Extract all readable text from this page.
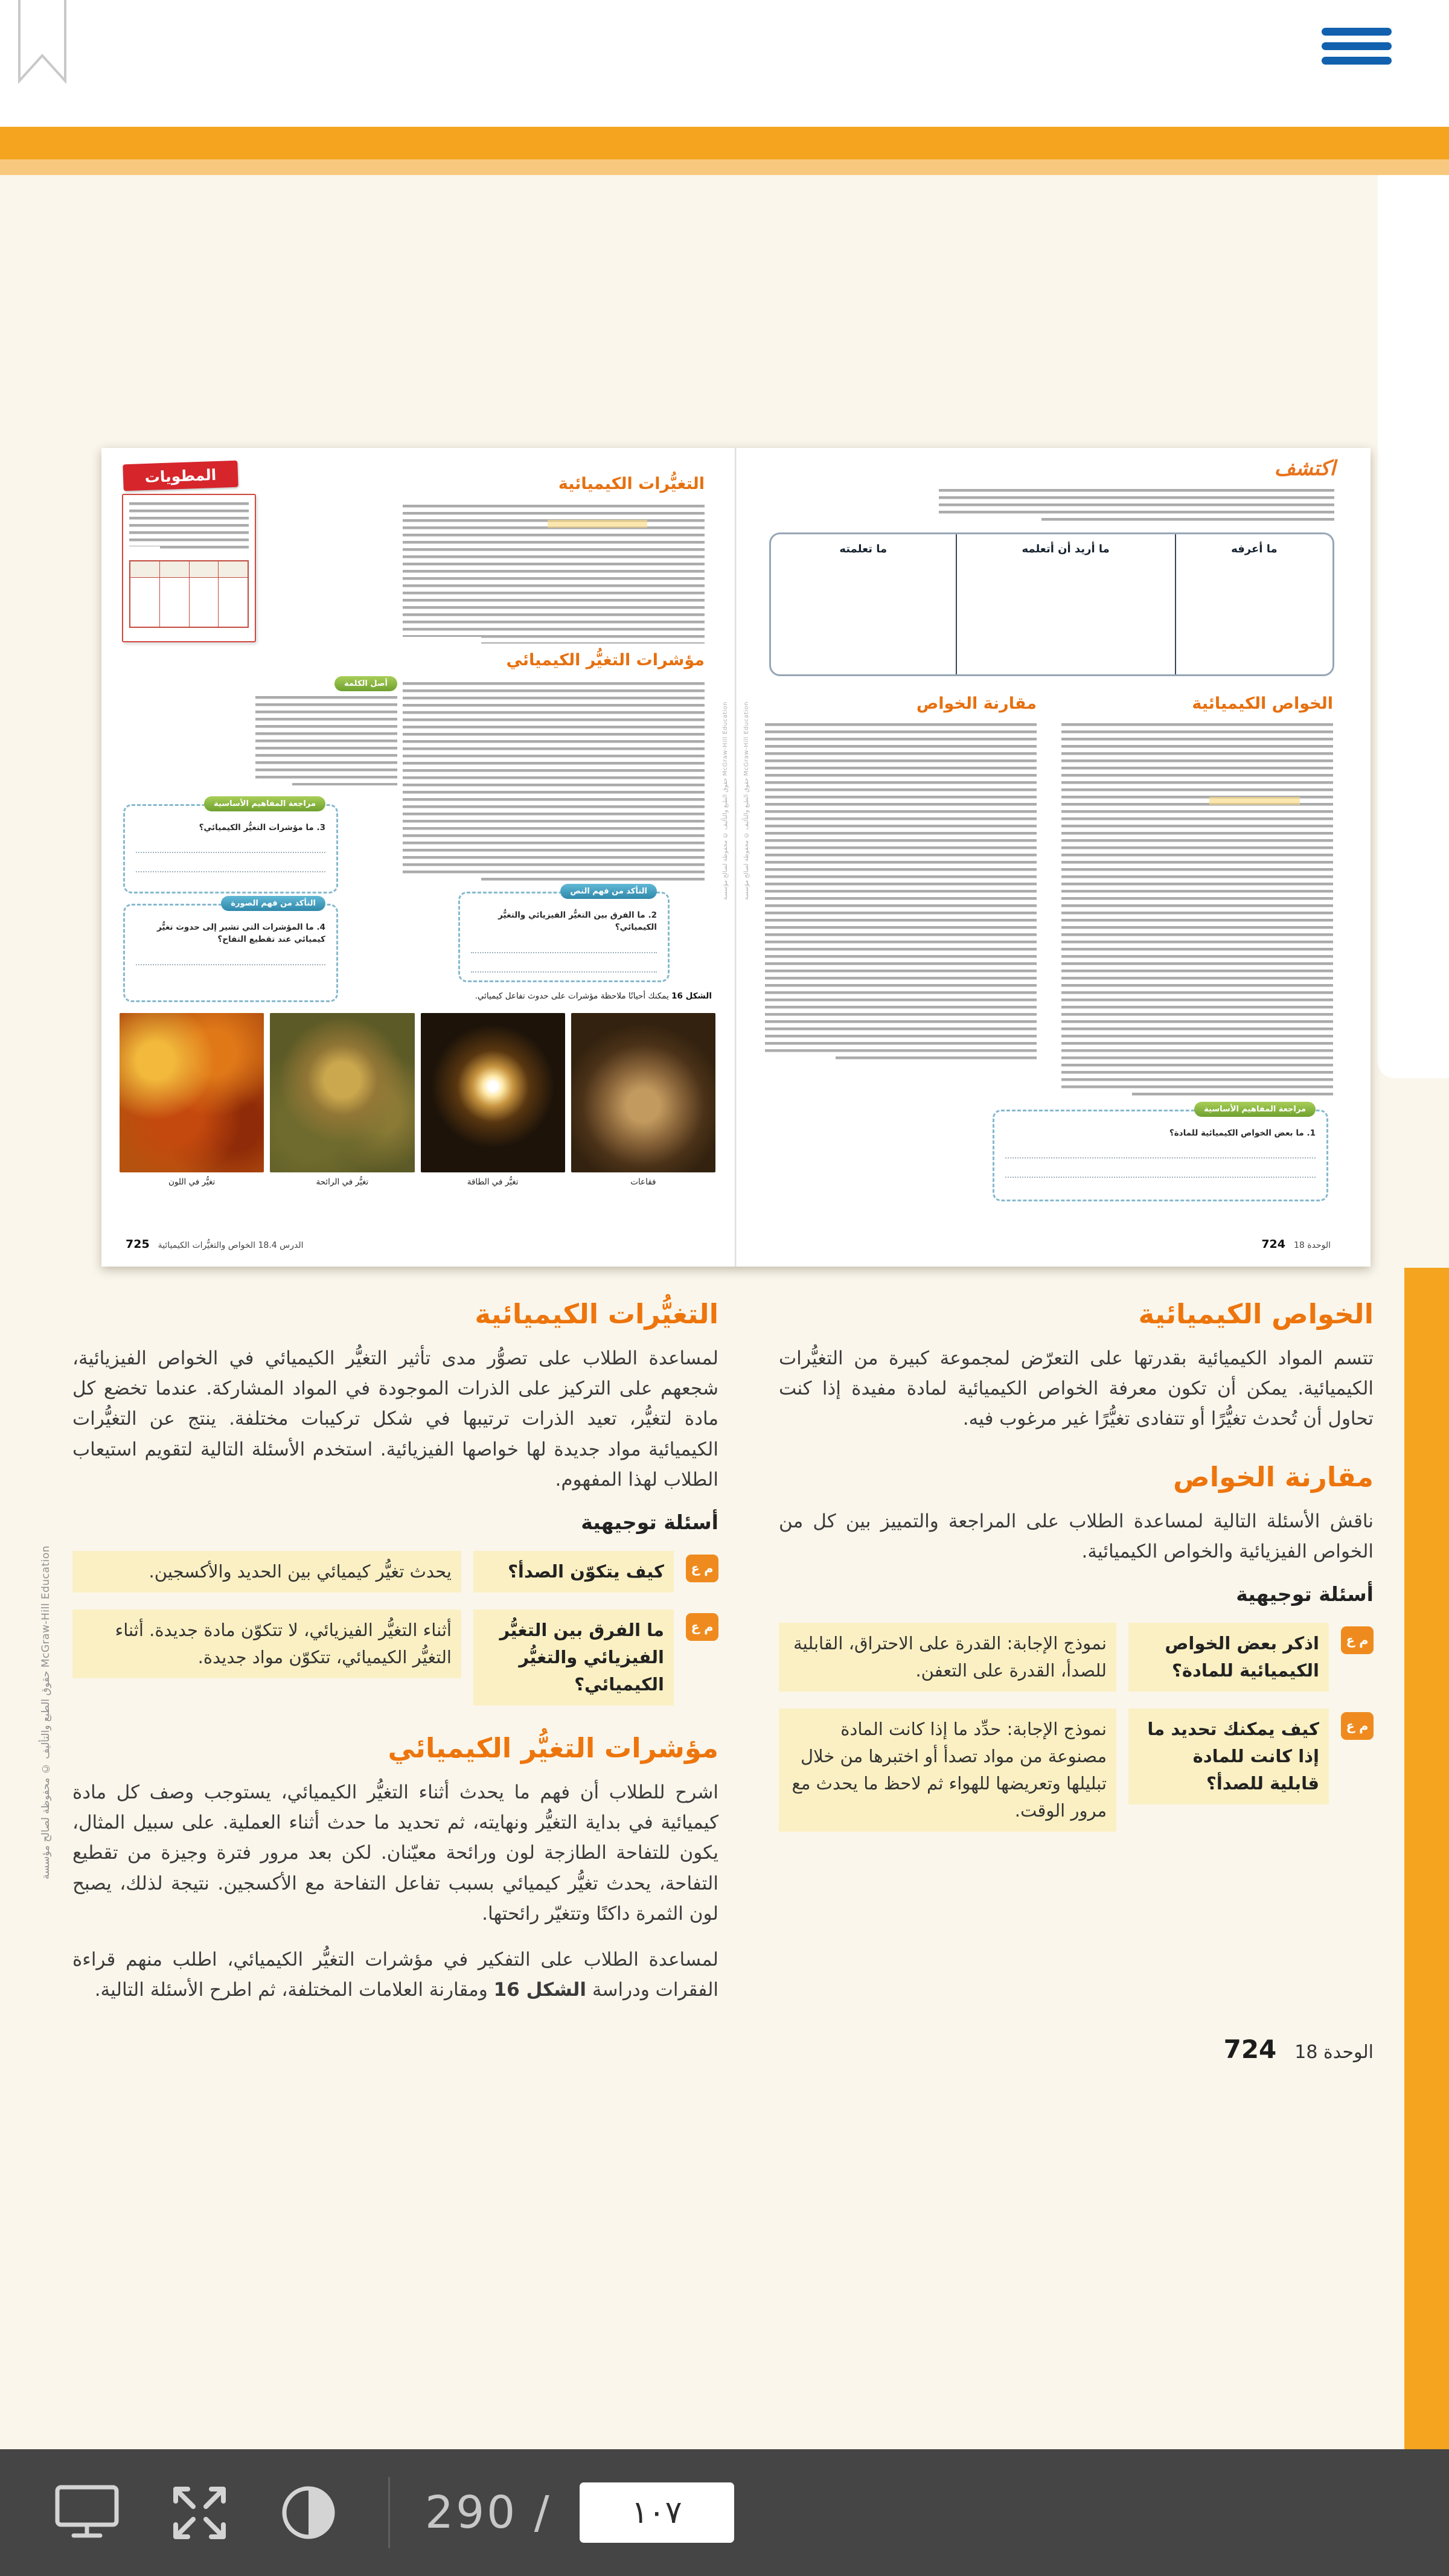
المطويات	التغيُّرات الكيميائية
مؤشرات التغيُّر الكيميائي
أصل الكلمة
مراجعة المفاهيم الأساسية
3. ما مؤشرات التغيُّر الكيميائي؟
التأكد من فهم الصورة
4. ما المؤشرات التي تشير إلى حدوث تغيُّر كيميائي عند تقطيع التفاح؟
التأكد من فهم النص
2. ما الفرق بين التغيُّر الفيزيائي والتغيُّر الكيميائي؟
الشكل 16 يمكنك أحيانًا ملاحظة مؤشرات على حدوث تفاعل كيميائي.
تغيُّر في اللون	تغيُّر في الرائحة	تغيُّر في الطاقة	فقاعات
الدرس 18.4 الخواص والتغيُّرات الكيميائية
725
حقوق الطبع والتأليف © محفوظة لصالح مؤسسة McGraw-Hill Education
اكتشف
ما أعرفه
ما أريد أن أتعلمه
ما تعلمته
الخواص الكيميائية
مقارنة الخواص
مراجعة المفاهيم الأساسية
1. ما بعض الخواص الكيميائية للمادة؟
الوحدة 18
724
حقوق الطبع والتأليف © محفوظة لصالح مؤسسة McGraw-Hill Education
الخواص الكيميائية

تتسم المواد الكيميائية بقدرتها على التعرّض لمجموعة كبيرة من التغيُّرات الكيميائية. يمكن أن تكون معرفة الخواص الكيميائية لمادة مفيدة إذا كنت تحاول أن تُحدث تغيُّرًا أو تتفادى تغيُّرًا غير مرغوب فيه.

مقارنة الخواص

ناقش الأسئلة التالية لمساعدة الطلاب على المراجعة والتمييز بين كل من الخواص الفيزيائية والخواص الكيميائية.

أسئلة توجيهية
م ع
اذكر بعض الخواص الكيميائية للمادة؟
نموذج الإجابة: القدرة على الاحتراق، القابلية للصدأ، القدرة على التعفن.
م ع
كيف يمكنك تحديد ما إذا كانت للمادة قابلية للصدأ؟
نموذج الإجابة: حدِّد ما إذا كانت المادة مصنوعة من مواد تصدأ أو اختبرها من خلال تبليلها وتعريضها للهواء ثم لاحظ ما يحدث مع مرور الوقت.
التغيُّرات الكيميائية

لمساعدة الطلاب على تصوُّر مدى تأثير التغيُّر الكيميائي في الخواص الفيزيائية، شجعهم على التركيز على الذرات الموجودة في المواد المشاركة. عندما تخضع كل مادة لتغيُّر، تعيد الذرات ترتيبها في شكل تركيبات مختلفة. ينتج عن التغيُّرات الكيميائية مواد جديدة لها خواصها الفيزيائية. استخدم الأسئلة التالية لتقويم استيعاب الطلاب لهذا المفهوم.

أسئلة توجيهية
م ع
كيف يتكوّن الصدأ؟
يحدث تغيُّر كيميائي بين الحديد والأكسجين.
م ع
ما الفرق بين التغيُّر الفيزيائي والتغيُّر الكيميائي؟
أثناء التغيُّر الفيزيائي، لا تتكوّن مادة جديدة. أثناء التغيُّر الكيميائي، تتكوّن مواد جديدة.
مؤشرات التغيُّر الكيميائي

اشرح للطلاب أن فهم ما يحدث أثناء التغيُّر الكيميائي، يستوجب وصف كل مادة كيميائية في بداية التغيُّر ونهايته، ثم تحديد ما حدث أثناء العملية. على سبيل المثال، يكون للتفاحة الطازجة لون ورائحة معيّنان. لكن بعد مرور فترة وجيزة من تقطيع التفاحة، يحدث تغيُّر كيميائي بسبب تفاعل التفاحة مع الأكسجين. نتيجة لذلك، يصبح لون الثمرة داكنًا وتتغيّر رائحتها.

لمساعدة الطلاب على التفكير في مؤشرات التغيُّر الكيميائي، اطلب منهم قراءة الفقرات ودراسة الشكل 16 ومقارنة العلامات المختلفة، ثم اطرح الأسئلة التالية.

الوحدة 18
724
حقوق الطبع والتأليف © محفوظة لصالح مؤسسة McGraw-Hill Education
290 /
١٠٧
